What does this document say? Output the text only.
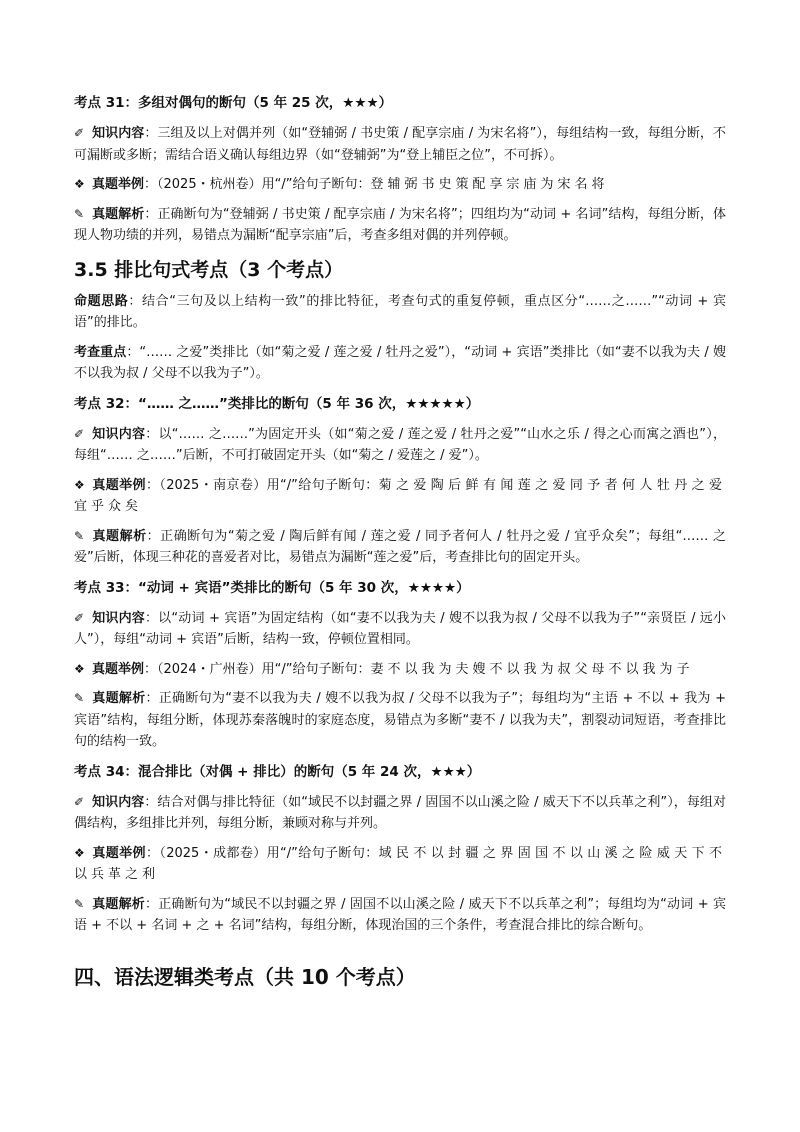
考点 31：多组对偶句的断句（5 年 25 次，★★★）

✐ 知识内容：三组及以上对偶并列（如“登辅弼 / 书史策 / 配享宗庙 / 为宋名将”），每组结构一致，每组分断，不可漏断或多断；需结合语义确认每组边界（如“登辅弼”为“登上辅臣之位”，不可拆）。

❖ 真题举例：（2025・杭州卷）用“/”给句子断句：登辅弼书史策配享宗庙为宋名将

✎ 真题解析：正确断句为“登辅弼 / 书史策 / 配享宗庙 / 为宋名将”；四组均为“动词 + 名词”结构，每组分断，体现人物功绩的并列，易错点为漏断“配享宗庙”后，考查多组对偶的并列停顿。

3.5 排比句式考点（3 个考点）

命题思路：结合“三句及以上结构一致”的排比特征，考查句式的重复停顿，重点区分“……之……”“动词 + 宾语”的排比。

考查重点：“…… 之爱”类排比（如“菊之爱 / 莲之爱 / 牡丹之爱”），“动词 + 宾语”类排比（如“妻不以我为夫 / 嫂不以我为叔 / 父母不以我为子”）。

考点 32：“…… 之……”类排比的断句（5 年 36 次，★★★★★）

✐ 知识内容：以“…… 之……”为固定开头（如“菊之爱 / 莲之爱 / 牡丹之爱”“山水之乐 / 得之心而寓之酒也”），每组“…… 之……”后断，不可打破固定开头（如“菊之 / 爱莲之 / 爱”）。

❖ 真题举例：（2025・南京卷）用“/”给句子断句：菊之爱陶后鲜有闻莲之爱同予者何人牡丹之爱宜乎众矣

✎ 真题解析：正确断句为“菊之爱 / 陶后鲜有闻 / 莲之爱 / 同予者何人 / 牡丹之爱 / 宜乎众矣”；每组“…… 之爱”后断，体现三种花的喜爱者对比，易错点为漏断“莲之爱”后，考查排比句的固定开头。

考点 33：“动词 + 宾语”类排比的断句（5 年 30 次，★★★★）

✐ 知识内容：以“动词 + 宾语”为固定结构（如“妻不以我为夫 / 嫂不以我为叔 / 父母不以我为子”“亲贤臣 / 远小人”），每组“动词 + 宾语”后断，结构一致，停顿位置相同。

❖ 真题举例：（2024・广州卷）用“/”给句子断句：妻不以我为夫嫂不以我为叔父母不以我为子

✎ 真题解析：正确断句为“妻不以我为夫 / 嫂不以我为叔 / 父母不以我为子”；每组均为“主语 + 不以 + 我为 + 宾语”结构，每组分断，体现苏秦落魄时的家庭态度，易错点为多断“妻不 / 以我为夫”，割裂动词短语，考查排比句的结构一致。

考点 34：混合排比（对偶 + 排比）的断句（5 年 24 次，★★★）

✐ 知识内容：结合对偶与排比特征（如“域民不以封疆之界 / 固国不以山溪之险 / 威天下不以兵革之利”），每组对偶结构，多组排比并列，每组分断，兼顾对称与并列。

❖ 真题举例：（2025・成都卷）用“/”给句子断句：域民不以封疆之界固国不以山溪之险威天下不以兵革之利

✎ 真题解析：正确断句为“域民不以封疆之界 / 固国不以山溪之险 / 威天下不以兵革之利”；每组均为“动词 + 宾语 + 不以 + 名词 + 之 + 名词”结构，每组分断，体现治国的三个条件，考查混合排比的综合断句。

四、语法逻辑类考点（共 10 个考点）
